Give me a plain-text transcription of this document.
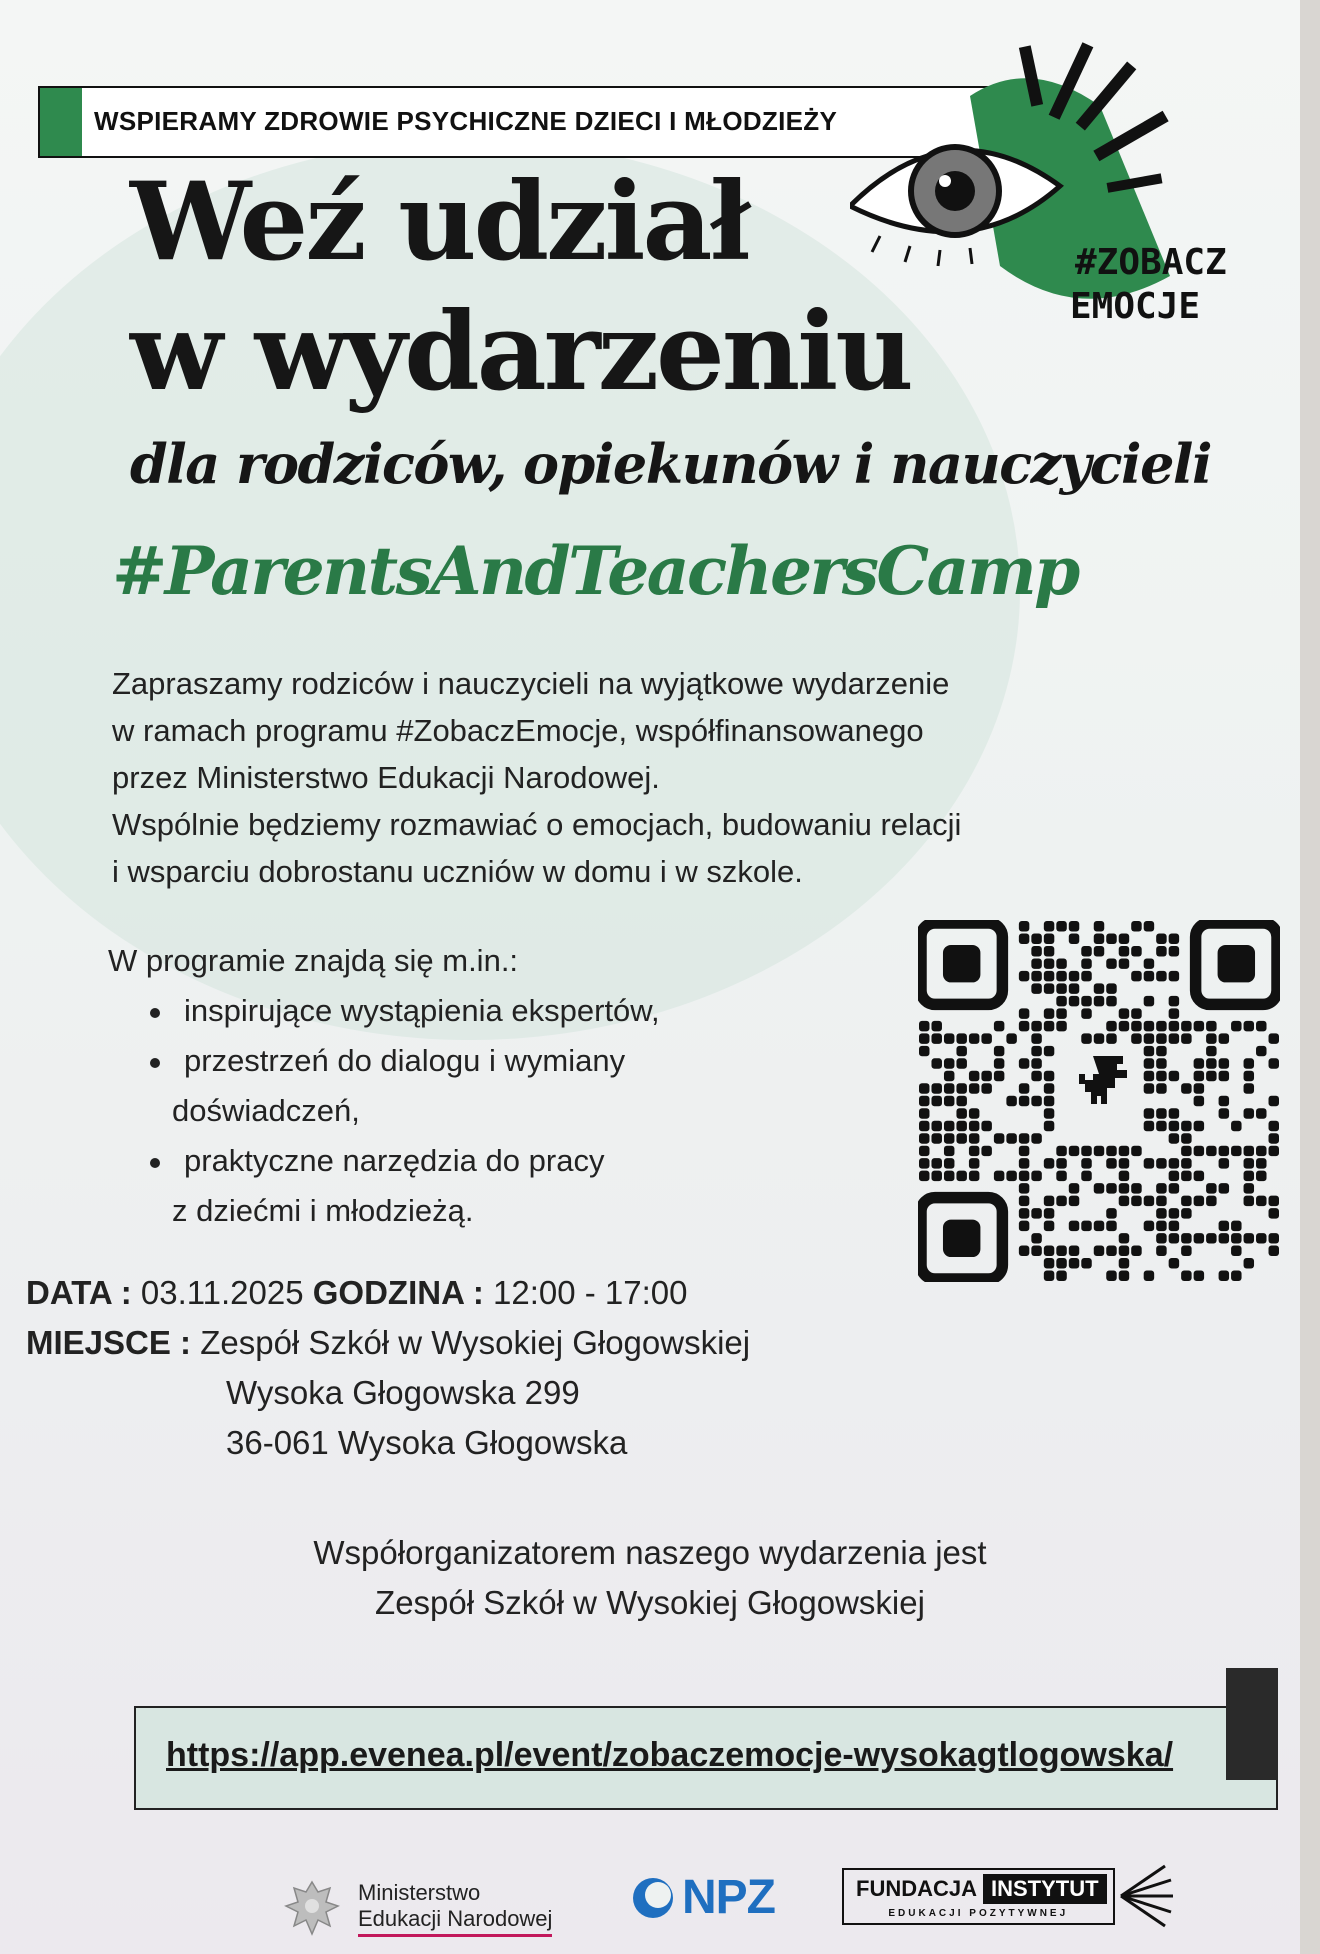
WSPIERAMY ZDROWIE PSYCHICZNE DZIECI I MŁODZIEŻY
#ZOBACZ
EMOCJE
Weź udział
w wydarzeniu
dla rodziców, opiekunów i nauczycieli
#ParentsAndTeachersCamp
Zapraszamy rodziców i nauczycieli na wyjątkowe wydarzenie
w ramach programu #ZobaczEmocje, współfinansowanego
przez Ministerstwo Edukacji Narodowej.
Wspólnie będziemy rozmawiać o emocjach, budowaniu relacji
i wsparciu dobrostanu uczniów w domu i w szkole.
W programie znajdą się m.in.:
inspirujące wystąpienia ekspertów,
przestrzeń do dialogu i wymiany
doświadczeń,
praktyczne narzędzia do pracy
z dziećmi i młodzieżą.
DATA : 03.11.2025 GODZINA : 12:00 - 17:00
MIEJSCE : Zespół Szkół w Wysokiej Głogowskiej
Wysoka Głogowska 299
36-061 Wysoka Głogowska
Współorganizatorem naszego wydarzenia jest
Zespół Szkół w Wysokiej Głogowskiej
https://app.evenea.pl/event/zobaczemocje-wysokagtlogowska/
Ministerstwo
Edukacji Narodowej	NPZ	FUNDACJA INSTYTUT
EDUKACJI POZYTYWNEJ
